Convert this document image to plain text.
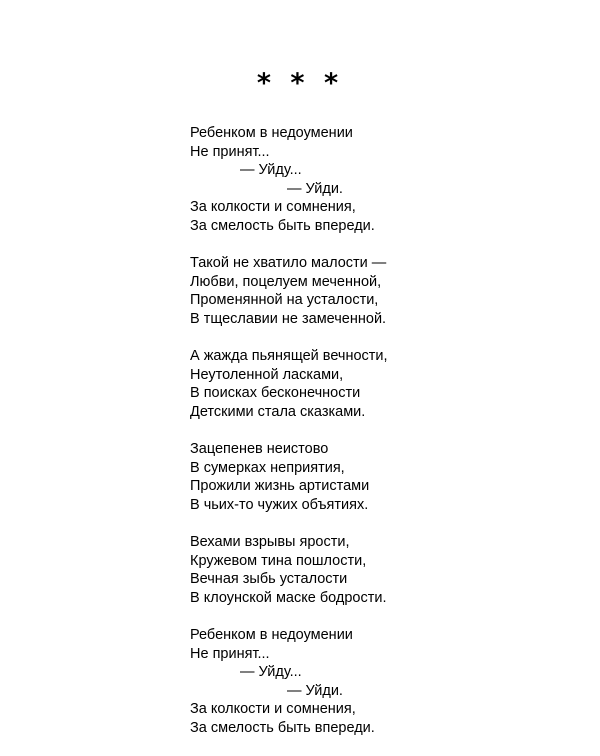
* * *
Ребенком в недоумении
Не принят...
— Уйду...
— Уйди.
За колкости и сомнения,
За смелость быть впереди.
Такой не хватило малости —
Любви, поцелуем меченной,
Променянной на усталости,
В тщеславии не замеченной.
А жажда пьянящей вечности,
Неутоленной ласками,
В поисках бесконечности
Детскими стала сказками.
Зацепенев неистово
В сумерках неприятия,
Прожили жизнь артистами
В чьих-то чужих объятиях.
Вехами взрывы ярости,
Кружевом тина пошлости,
Вечная зыбь усталости
В клоунской маске бодрости.
Ребенком в недоумении
Не принят...
— Уйду...
— Уйди.
За колкости и сомнения,
За смелость быть впереди.
